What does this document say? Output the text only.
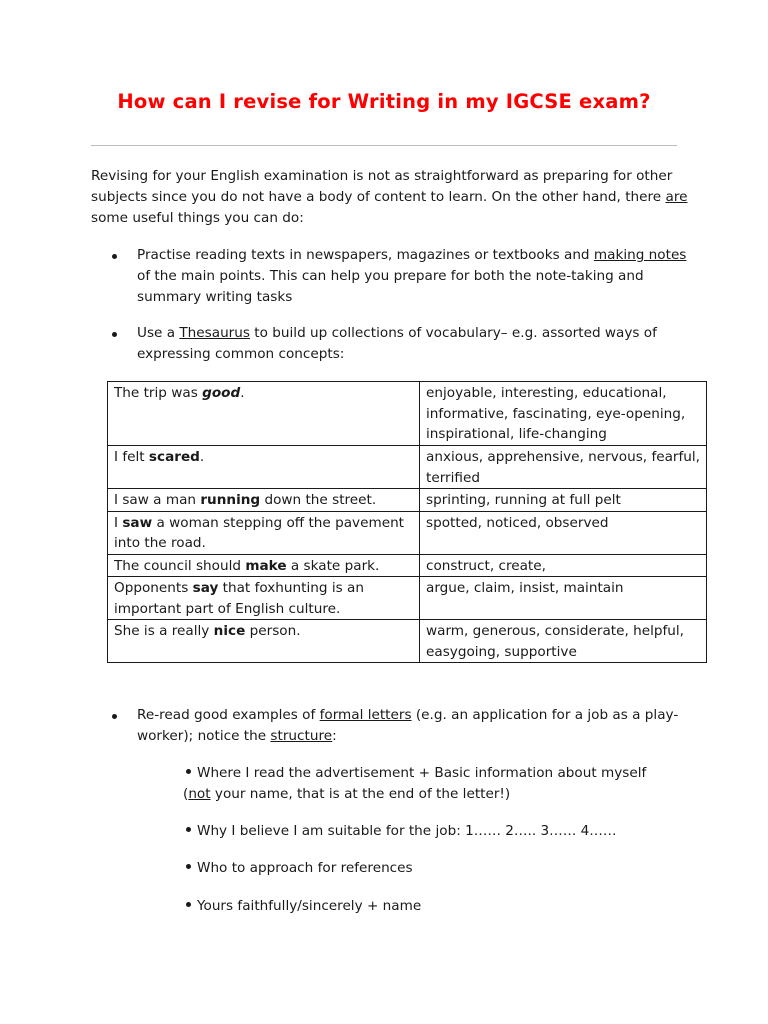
How can I revise for Writing in my IGCSE exam?

Revising for your English examination is not as straightforward as preparing for other subjects since you do not have a body of content to learn. On the other hand, there are some useful things you can do:

Practise reading texts in newspapers, magazines or textbooks and making notes of the main points. This can help you prepare for both the note-taking and summary writing tasks
Use a Thesaurus to build up collections of vocabulary– e.g. assorted ways of expressing common concepts:
The trip was good.	enjoyable, interesting, educational, informative, fascinating, eye-opening, inspirational, life-changing
I felt scared.	anxious, apprehensive, nervous, fearful, terrified
I saw a man running down the street.	sprinting, running at full pelt
I saw a woman stepping off the pavement into the road.	spotted, noticed, observed
The council should make a skate park.	construct, create,
Opponents say that foxhunting is an important part of English culture.	argue, claim, insist, maintain
She is a really nice person.	warm, generous, considerate, helpful, easygoing, supportive
Re-read good examples of formal letters (e.g. an application for a job as a play-worker); notice the structure:

Where I read the advertisement + Basic information about myself (not your name, that is at the end of the letter!)

Why I believe I am suitable for the job: 1…… 2….. 3…… 4……

Who to approach for references

Yours faithfully/sincerely + name
